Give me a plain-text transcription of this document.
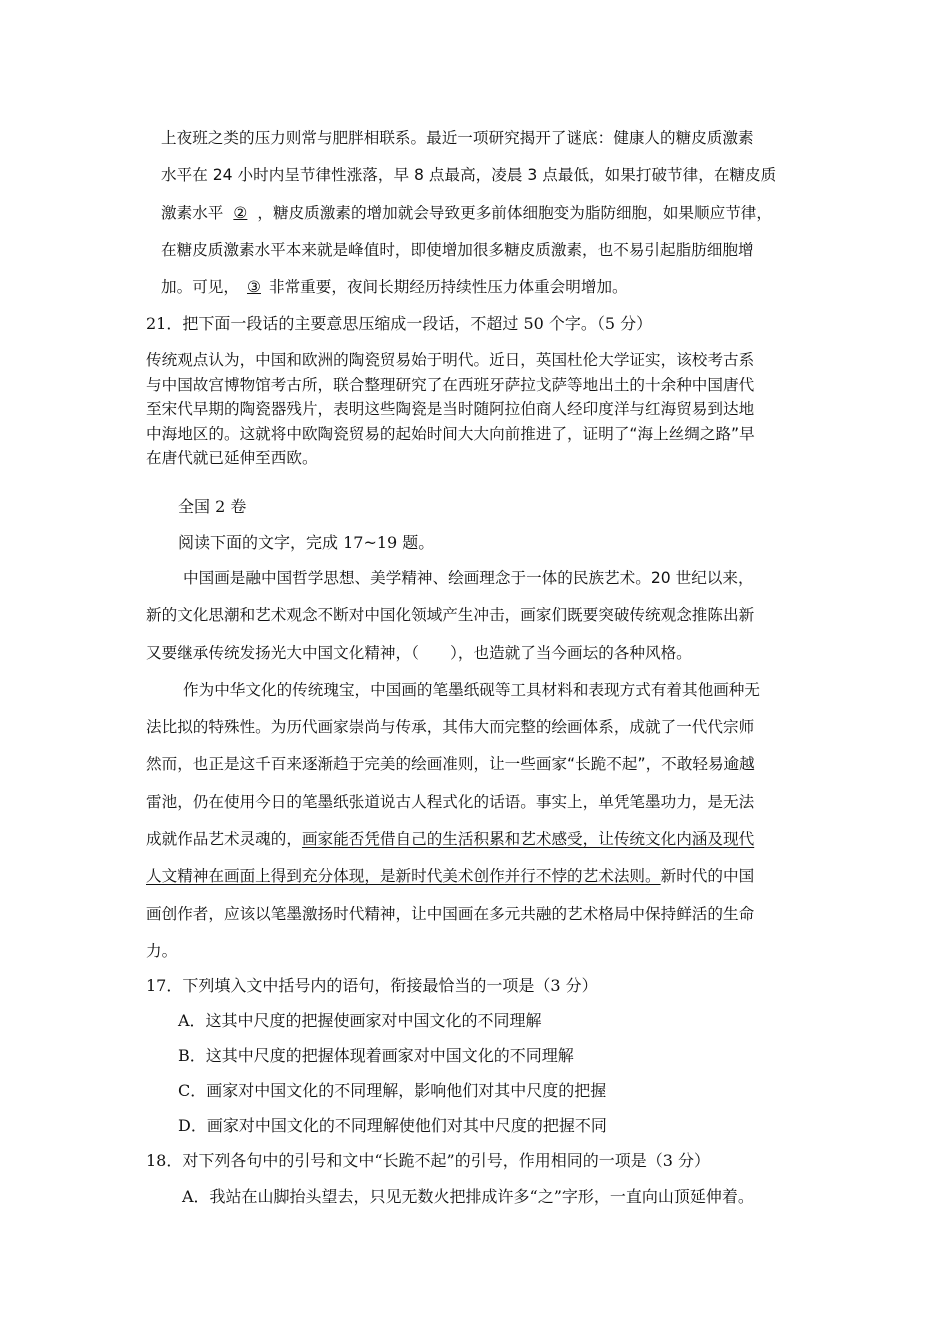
上夜班之类的压力则常与肥胖相联系。最近一项研究揭开了谜底：健康人的糖皮质激素
水平在 24 小时内呈节律性涨落，早 8 点最高，凌晨 3 点最低，如果打破节律，在糖皮质
激素水平 ② ，糖皮质激素的增加就会导致更多前体细胞变为脂防细胞，如果顺应节律，
在糖皮质激素水平本来就是峰值时，即使增加很多糖皮质激素，也不易引起脂肪细胞增
加。可见， ③ 非常重要，夜间长期经历持续性压力体重会明增加。
21．把下面一段话的主要意思压缩成一段话，不超过 50 个字。（5 分）
传统观点认为，中国和欧洲的陶瓷贸易始于明代。近日，英国杜伦大学证实，该校考古系
与中国故宫博物馆考古所，联合整理研究了在西班牙萨拉戈萨等地出土的十余种中国唐代
至宋代早期的陶瓷器残片，表明这些陶瓷是当时随阿拉伯商人经印度洋与红海贸易到达地
中海地区的。这就将中欧陶瓷贸易的起始时间大大向前推进了，证明了“海上丝绸之路”早
在唐代就已延伸至西欧。
全国 2 卷
阅读下面的文字，完成 17~19 题。
中国画是融中国哲学思想、美学精神、绘画理念于一体的民族艺术。20 世纪以来，
新的文化思潮和艺术观念不断对中国化领域产生冲击，画家们既要突破传统观念推陈出新
又要继承传统发扬光大中国文化精神，（　　），也造就了当今画坛的各种风格。
作为中华文化的传统瑰宝，中国画的笔墨纸砚等工具材料和表现方式有着其他画种无
法比拟的特殊性。为历代画家崇尚与传承，其伟大而完整的绘画体系，成就了一代代宗师
然而，也正是这千百来逐渐趋于完美的绘画准则，让一些画家“长跪不起”，不敢轻易逾越
雷池，仍在使用今日的笔墨纸张道说古人程式化的话语。事实上，单凭笔墨功力，是无法
成就作品艺术灵魂的，画家能否凭借自己的生活积累和艺术感受，让传统文化内涵及现代
人文精神在画面上得到充分体现，是新时代美术创作并行不悖的艺术法则。新时代的中国
画创作者，应该以笔墨激扬时代精神，让中国画在多元共融的艺术格局中保持鲜活的生命
力。
17．下列填入文中括号内的语句，衔接最恰当的一项是（3 分）
A．这其中尺度的把握使画家对中国文化的不同理解
B．这其中尺度的把握体现着画家对中国文化的不同理解
C．画家对中国文化的不同理解，影响他们对其中尺度的把握
D．画家对中国文化的不同理解使他们对其中尺度的把握不同
18．对下列各句中的引号和文中“长跪不起”的引号，作用相同的一项是（3 分）
A．我站在山脚抬头望去，只见无数火把排成许多“之”字形，一直向山顶延伸着。
